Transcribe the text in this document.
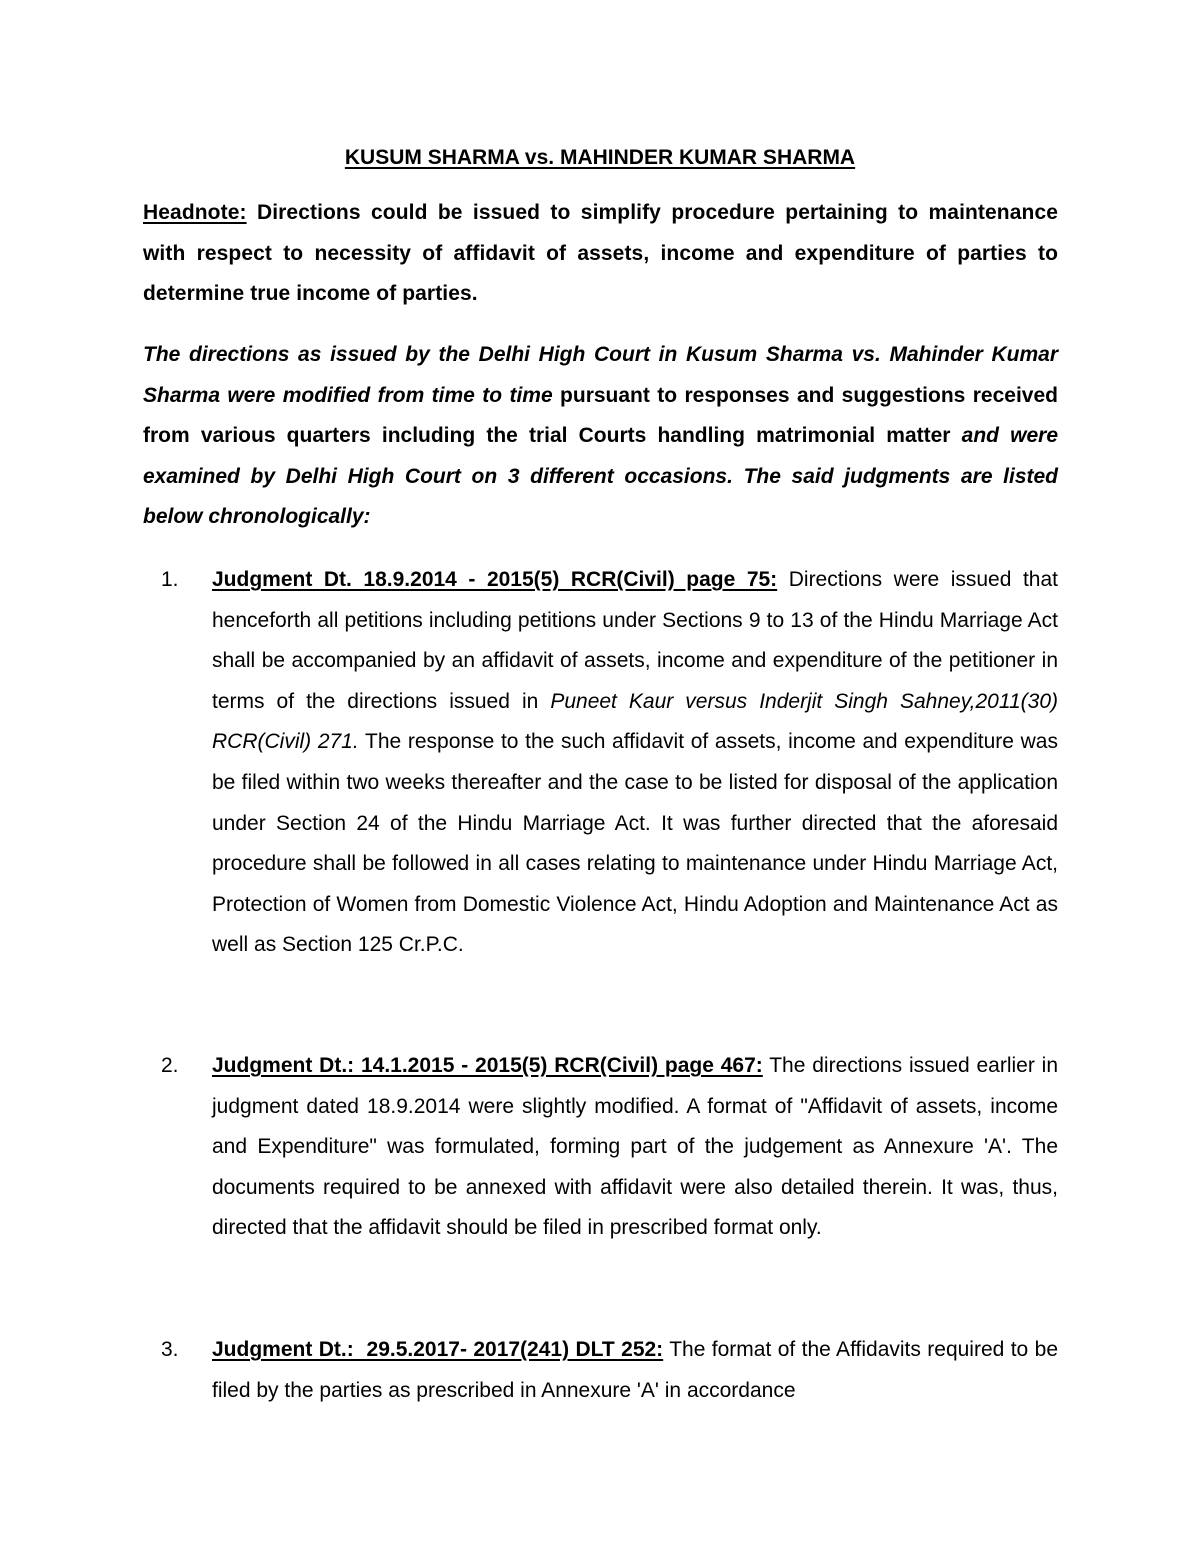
KUSUM SHARMA vs. MAHINDER KUMAR SHARMA
Headnote: Directions could be issued to simplify procedure pertaining to maintenance with respect to necessity of affidavit of assets, income and expenditure of parties to determine true income of parties.
The directions as issued by the Delhi High Court in Kusum Sharma vs. Mahinder Kumar Sharma were modified from time to time pursuant to responses and suggestions received from various quarters including the trial Courts handling matrimonial matter and were examined by Delhi High Court on 3 different occasions. The said judgments are listed below chronologically:
1.	Judgment Dt. 18.9.2014 - 2015(5) RCR(Civil) page 75: Directions were issued that henceforth all petitions including petitions under Sections 9 to 13 of the Hindu Marriage Act shall be accompanied by an affidavit of assets, income and expenditure of the petitioner in terms of the directions issued in Puneet Kaur versus Inderjit Singh Sahney,2011(30) RCR(Civil) 271. The response to the such affidavit of assets, income and expenditure was be filed within two weeks thereafter and the case to be listed for disposal of the application under Section 24 of the Hindu Marriage Act. It was further directed that the aforesaid procedure shall be followed in all cases relating to maintenance under Hindu Marriage Act, Protection of Women from Domestic Violence Act, Hindu Adoption and Maintenance Act as well as Section 125 Cr.P.C.
2.	Judgment Dt.: 14.1.2015 - 2015(5) RCR(Civil) page 467: The directions issued earlier in judgment dated 18.9.2014 were slightly modified. A format of "Affidavit of assets, income and Expenditure" was formulated, forming part of the judgement as Annexure 'A'. The documents required to be annexed with affidavit were also detailed therein. It was, thus, directed that the affidavit should be filed in prescribed format only.
3.	Judgment Dt.:  29.5.2017- 2017(241) DLT 252: The format of the Affidavits required to be filed by the parties as prescribed in Annexure 'A' in accordance
